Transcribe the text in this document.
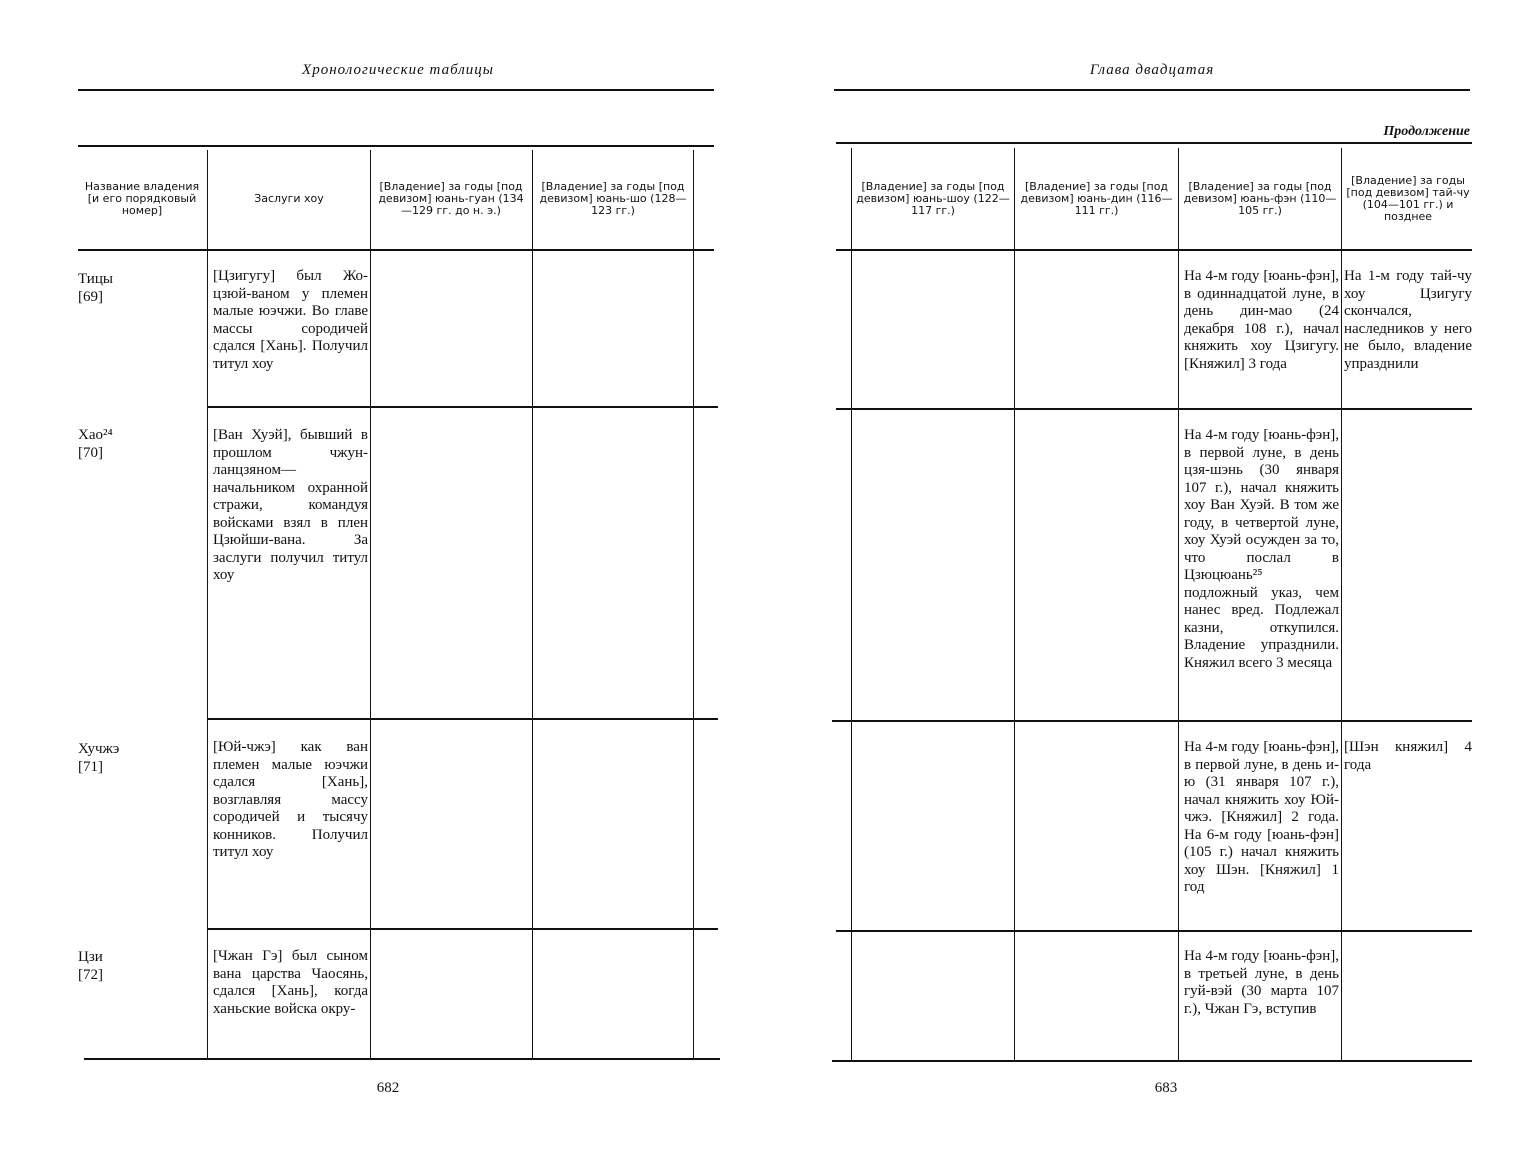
Хронологические таблицы
Название владения [и его порядковый номер]
Заслуги хоу
[Владение] за годы [под девизом] юань-гуан (134—129 гг. до н. э.)
[Владение] за годы [под девизом] юань-шо (128—123 гг.)
Тицы
[69]
[Цзигугу] был Жо-цзюй-ваном у племен малые юэчжи. Во главе массы сородичей сдался [Хань]. Получил титул хоу
Хао²⁴
[70]
[Ван Хуэй], бывший в прошлом чжун-ланцзяном—начальником охранной стражи, командуя войсками взял в плен Цзюйши-вана. За заслуги получил титул хоу
Хучжэ
[71]
[Юй-чжэ] как ван племен малые юэчжи сдался [Хань], возглавляя массу сородичей и тысячу конников. Получил титул хоу
Цзи
[72]
[Чжан Гэ] был сыном вана царства Чаосянь, сдался [Хань], когда ханьские войска окру-
682
Глава двадцатая
Продолжение
[Владение] за годы [под девизом] юань-шоу (122—117 гг.)
[Владение] за годы [под девизом] юань-дин (116—111 гг.)
[Владение] за годы [под девизом] юань-фэн (110—105 гг.)
[Владение] за годы [под девизом] тай-чу (104—101 гг.) и позднее
На 4-м году [юань-фэн], в одиннадцатой луне, в день дин-мао (24 декабря 108 г.), начал княжить хоу Цзигугу. [Княжил] 3 года
На 1-м году тай-чу хоу Цзигугу скончался, наследников у него не было, владение упразднили
На 4-м году [юань-фэн], в первой луне, в день цзя-шэнь (30 января 107 г.), начал княжить хоу Ван Хуэй. В том же году, в четвертой луне, хоу Хуэй осужден за то, что послал в Цзюцюань²⁵ подложный указ, чем нанес вред. Подлежал казни, откупился. Владение упразднили. Княжил всего 3 месяца
На 4-м году [юань-фэн], в первой луне, в день и-ю (31 января 107 г.), начал княжить хоу Юй-чжэ. [Княжил] 2 года. На 6-м году [юань-фэн] (105 г.) начал княжить хоу Шэн. [Княжил] 1 год
[Шэн княжил] 4 года
На 4-м году [юань-фэн], в третьей луне, в день гуй-вэй (30 марта 107 г.), Чжан Гэ, вступив
683
